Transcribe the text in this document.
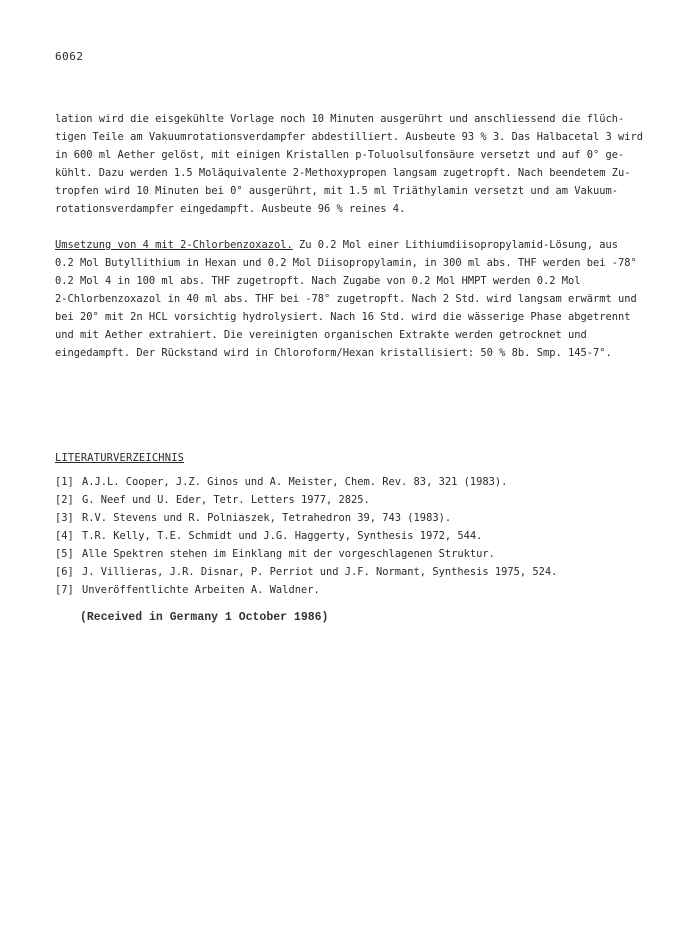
6062
lation wird die eisgekühlte Vorlage noch 10 Minuten ausgerührt und anschliessend die flüch-
tigen Teile am Vakuumrotationsverdampfer abdestilliert. Ausbeute 93 % 3. Das Halbacetal 3 wird
in 600 ml Aether gelöst, mit einigen Kristallen p-Toluolsulfonsäure versetzt und auf 0° ge-
kühlt. Dazu werden 1.5 Moläquivalente 2-Methoxypropen langsam zugetropft. Nach beendetem Zu-
tropfen wird 10 Minuten bei 0° ausgerührt, mit 1.5 ml Triäthylamin versetzt und am Vakuum-
rotationsverdampfer eingedampft. Ausbeute 96 % reines 4.
Umsetzung von 4 mit 2-Chlorbenzoxazol. Zu 0.2 Mol einer Lithiumdiisopropylamid-Lösung, aus
0.2 Mol Butyllithium in Hexan und 0.2 Mol Diisopropylamin, in 300 ml abs. THF werden bei -78°
0.2 Mol 4 in 100 ml abs. THF zugetropft. Nach Zugabe von 0.2 Mol HMPT werden 0.2 Mol
2-Chlorbenzoxazol in 40 ml abs. THF bei -78° zugetropft. Nach 2 Std. wird langsam erwärmt und
bei 20° mit 2n HCL vorsichtig hydrolysiert. Nach 16 Std. wird die wässerige Phase abgetrennt
und mit Aether extrahiert. Die vereinigten organischen Extrakte werden getrocknet und
eingedampft. Der Rückstand wird in Chloroform/Hexan kristallisiert: 50 % 8b. Smp. 145-7°.
LITERATURVERZEICHNIS
[1] A.J.L. Cooper, J.Z. Ginos und A. Meister, Chem. Rev. 83, 321 (1983).
[2] G. Neef und U. Eder, Tetr. Letters 1977, 2825.
[3] R.V. Stevens und R. Polniaszek, Tetrahedron 39, 743 (1983).
[4] T.R. Kelly, T.E. Schmidt und J.G. Haggerty, Synthesis 1972, 544.
[5] Alle Spektren stehen im Einklang mit der vorgeschlagenen Struktur.
[6] J. Villieras, J.R. Disnar, P. Perriot und J.F. Normant, Synthesis 1975, 524.
[7] Unveröffentlichte Arbeiten A. Waldner.
(Received in Germany 1 October 1986)
